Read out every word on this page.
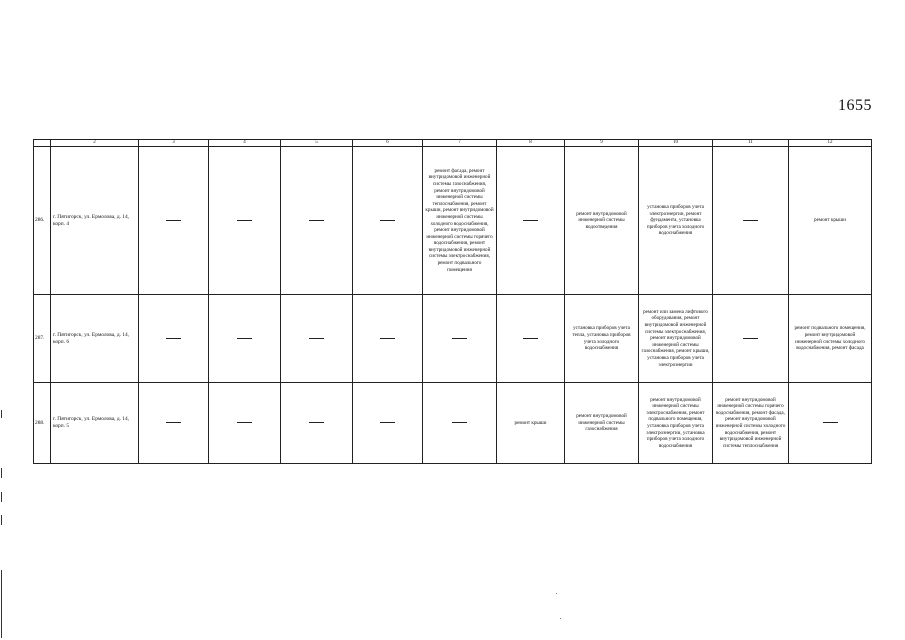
1655
	2	3	4	5	6	7	8	9	10	11	12
286.	г. Пятигорск, ул. Ермолова, д. 14, корп. 4					ремонт фасада, ремонт внутридомовой инженерной системы газоснабжения, ремонт внутридомовой инженерной системы теплоснабжения, ремонт крыши, ремонт внутридомовой инженерной системы холодного водоснабжения, ремонт внутридомовой инженерной системы горячего водоснабжения, ремонт внутридомовой инженерной системы электроснабжения, ремонт подвального помещения		ремонт внутридомовой инженерной системы водоотведения	установка приборов учета электроэнергии, ремонт фундамента, установка приборов учета холодного водоснабжения		ремонт крыши
287.	г. Пятигорск, ул. Ермолова, д. 14, корп. 6							установка приборов учета тепла, установка приборов учета холодного водоснабжения	ремонт или замена лифтового оборудования, ремонт внутридомовой инженерной системы электроснабжения, ремонт внутридомовой инженерной системы газоснабжения, ремонт крыши, установка приборов учета электроэнергии		ремонт подвального помещения, ремонт внутридомовой инженерной системы холодного водоснабжения, ремонт фасада
288.	г. Пятигорск, ул. Ермолова, д. 14, корп. 5						ремонт крыши	ремонт внутридомовой инженерной системы газоснабжения	ремонт внутридомовой инженерной системы электроснабжения, ремонт подвального помещения, установка приборов учета электроэнергии, установка приборов учета холодного водоснабжения	ремонт внутридомовой инженерной системы горячего водоснабжения, ремонт фасада, ремонт внутридомовой инженерной системы холодного водоснабжения, ремонт внутридомовой инженерной системы теплоснабжения	
